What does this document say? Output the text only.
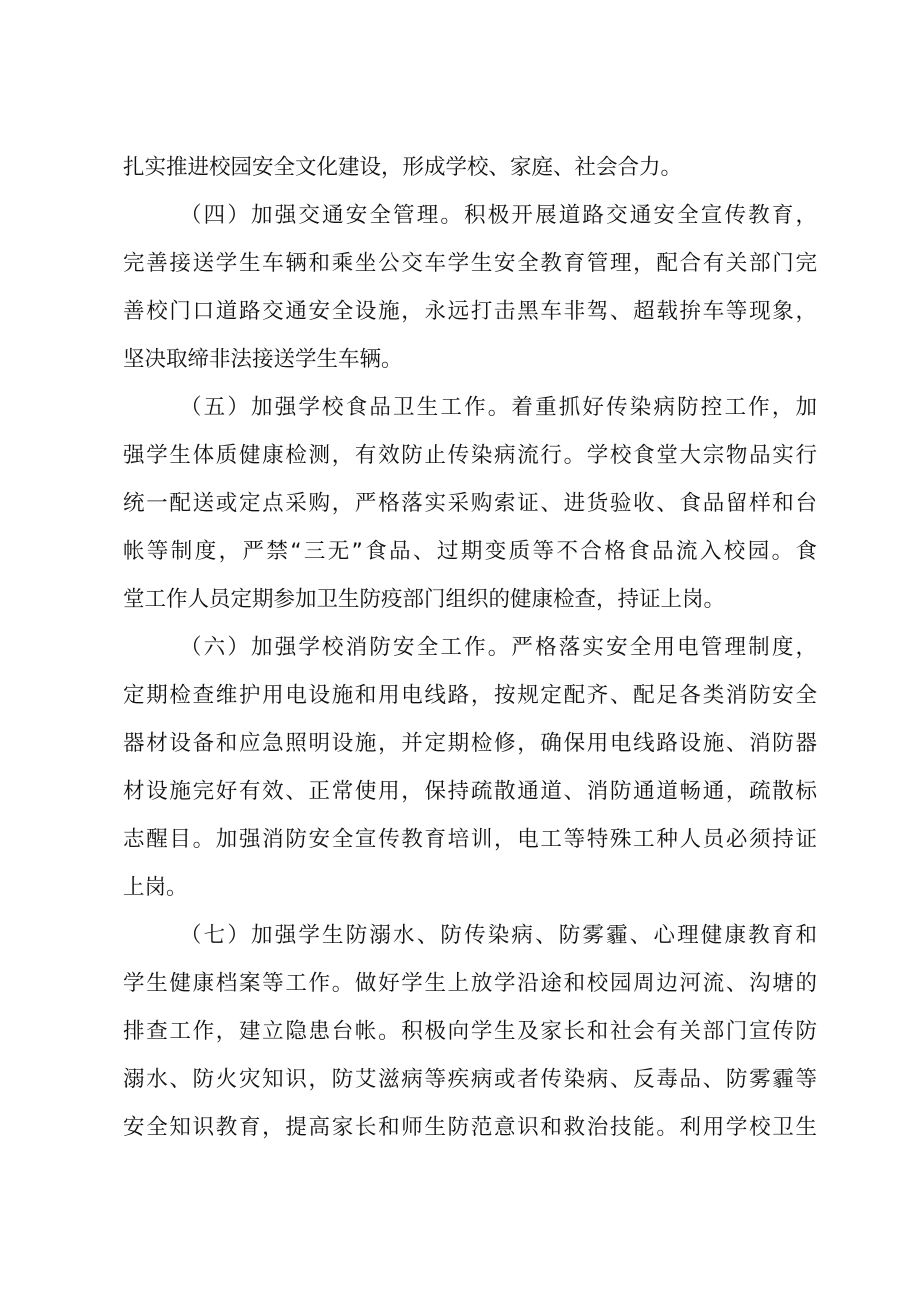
扎实推进校园安全文化建设，形成学校、家庭、社会合力。
（四）加强交通安全管理。积极开展道路交通安全宣传教育，
完善接送学生车辆和乘坐公交车学生安全教育管理，配合有关部门完
善校门口道路交通安全设施，永远打击黑车非驾、超载拚车等现象，
坚决取缔非法接送学生车辆。
（五）加强学校食品卫生工作。着重抓好传染病防控工作，加
强学生体质健康检测，有效防止传染病流行。学校食堂大宗物品实行
统一配送或定点采购，严格落实采购索证、进货验收、食品留样和台
帐等制度，严禁“三无”食品、过期变质等不合格食品流入校园。食
堂工作人员定期参加卫生防疫部门组织的健康检查，持证上岗。
（六）加强学校消防安全工作。严格落实安全用电管理制度，
定期检查维护用电设施和用电线路，按规定配齐、配足各类消防安全
器材设备和应急照明设施，并定期检修，确保用电线路设施、消防器
材设施完好有效、正常使用，保持疏散通道、消防通道畅通，疏散标
志醒目。加强消防安全宣传教育培训，电工等特殊工种人员必须持证
上岗。
（七）加强学生防溺水、防传染病、防雾霾、心理健康教育和
学生健康档案等工作。做好学生上放学沿途和校园周边河流、沟塘的
排查工作，建立隐患台帐。积极向学生及家长和社会有关部门宣传防
溺水、防火灾知识，防艾滋病等疾病或者传染病、反毒品、防雾霾等
安全知识教育，提高家长和师生防范意识和救治技能。利用学校卫生
